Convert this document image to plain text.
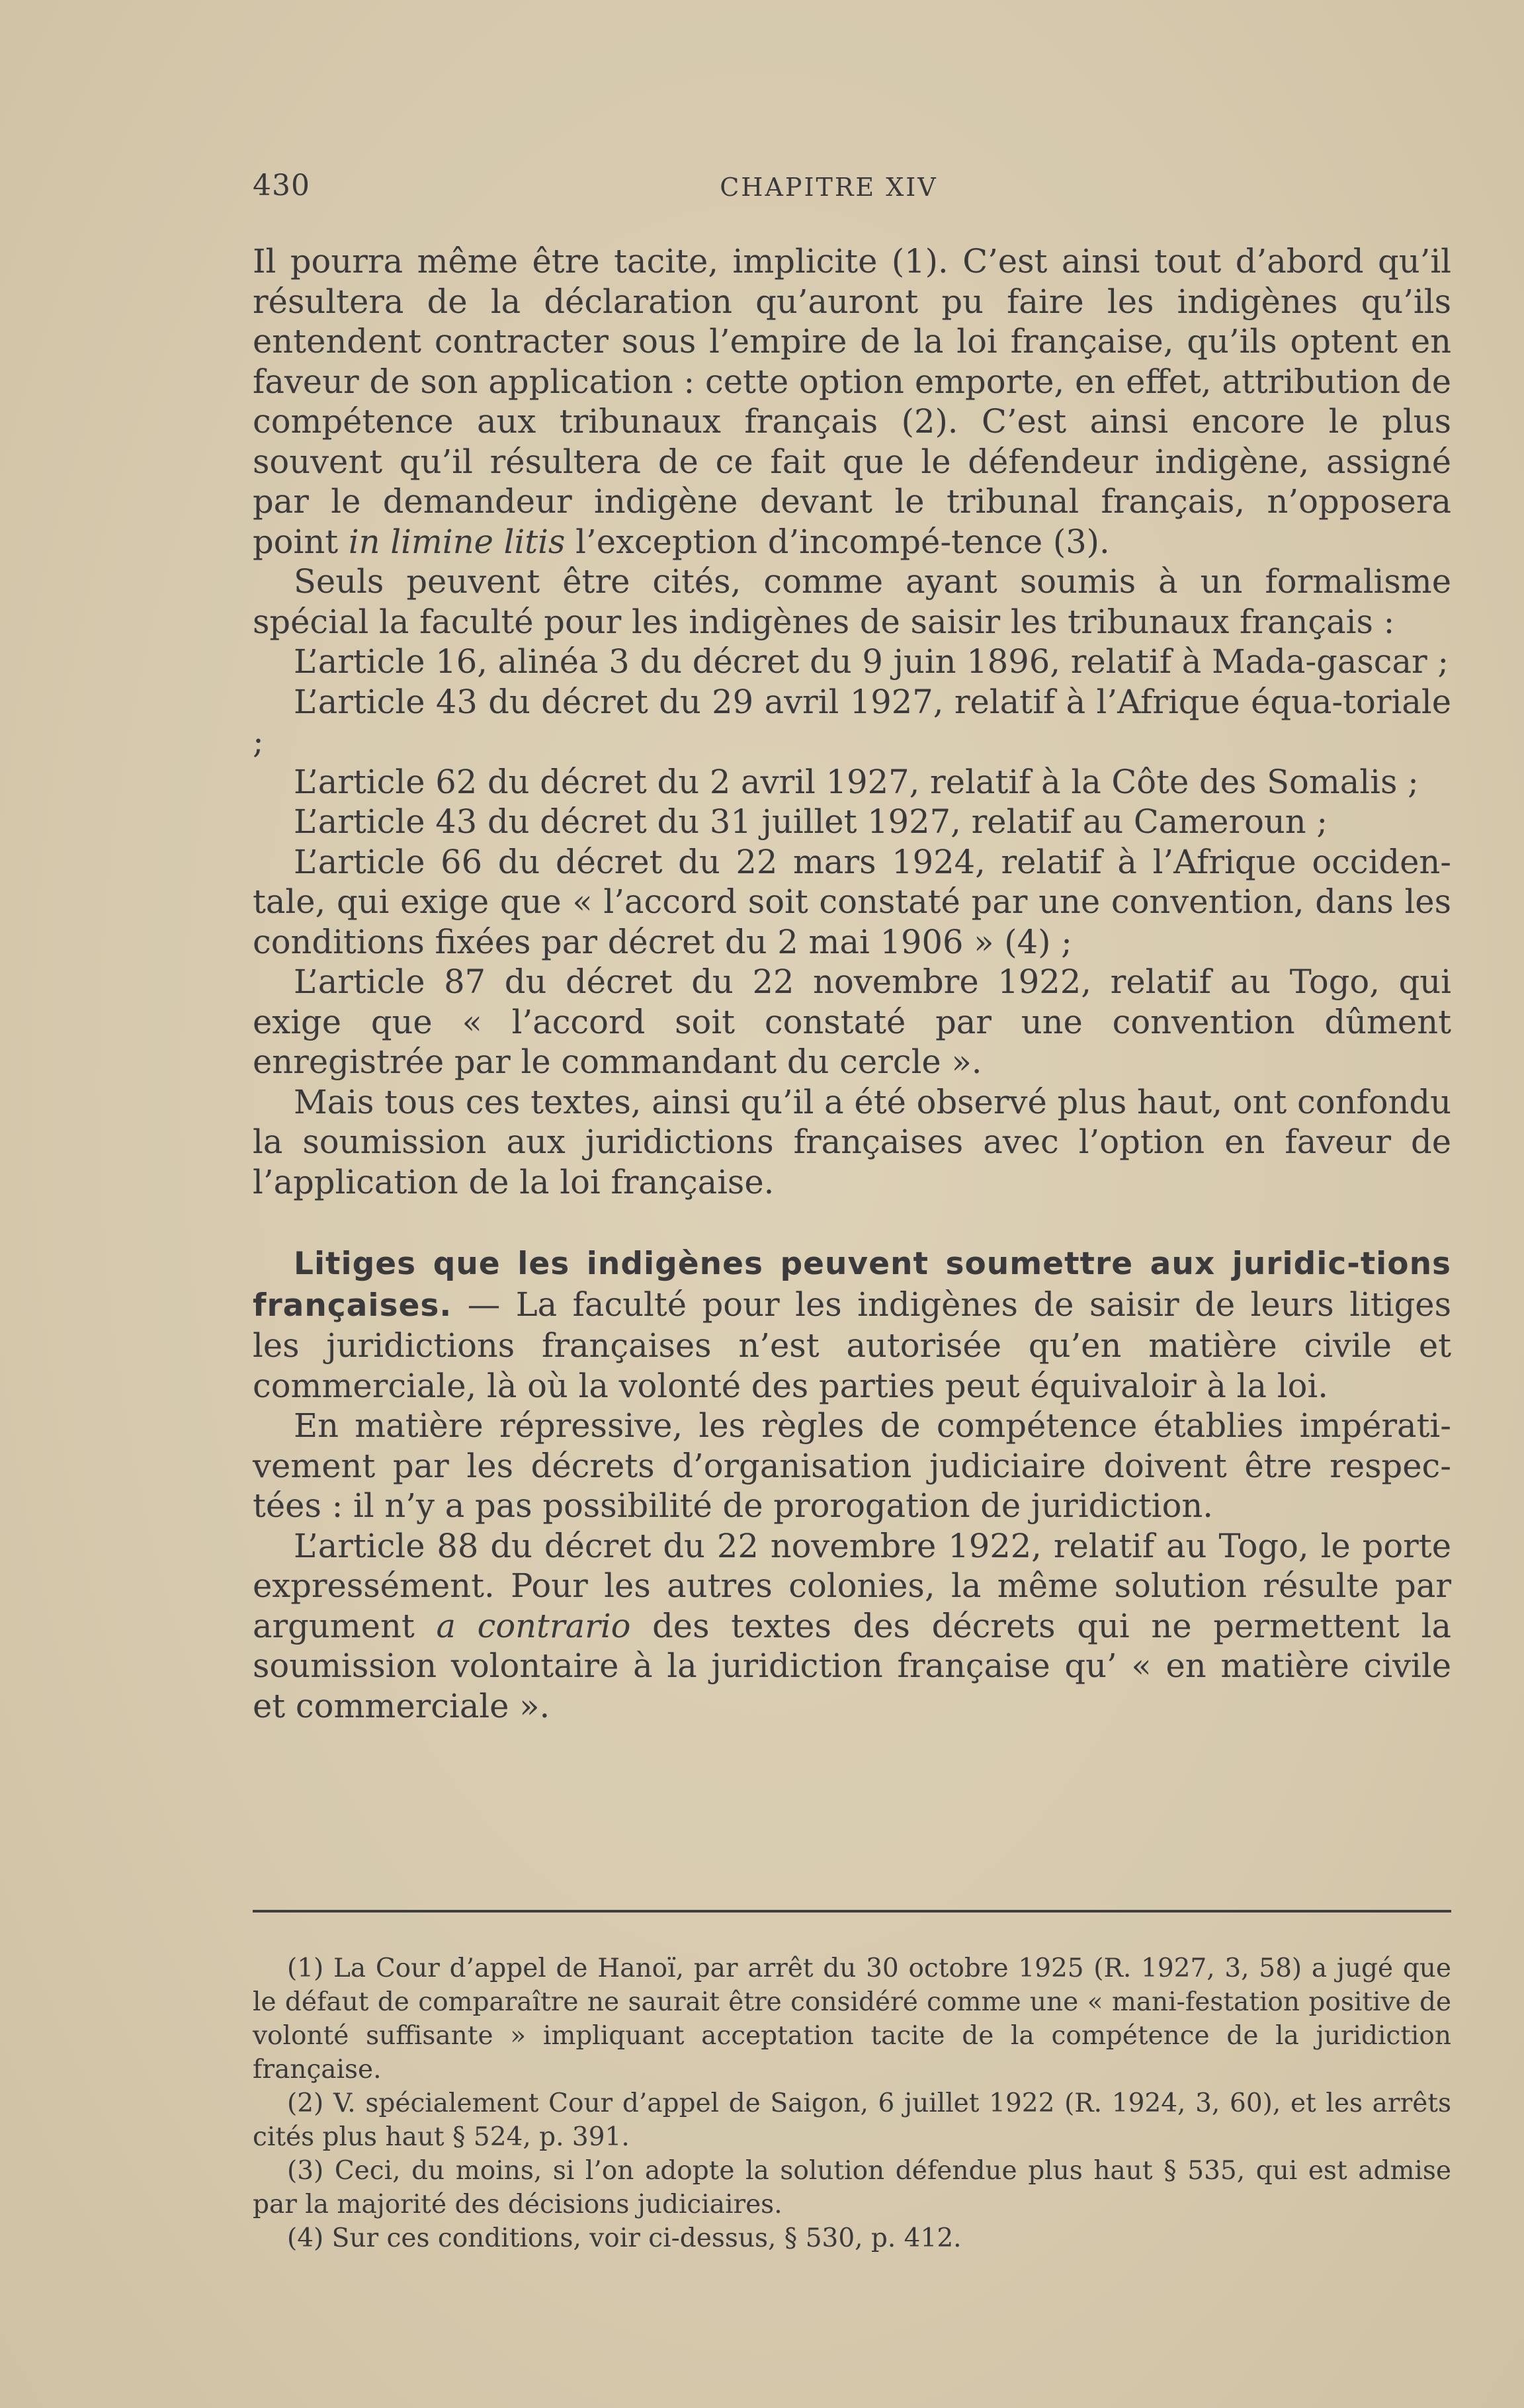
430	CHAPITRE XIV

Il pourra même être tacite, implicite (1). C’est ainsi tout d’abord qu’il résultera de la déclaration qu’auront pu faire les indigènes qu’ils entendent contracter sous l’empire de la loi française, qu’ils optent en faveur de son application : cette option emporte, en effet, attribution de compétence aux tribunaux français (2). C’est ainsi encore le plus souvent qu’il résultera de ce fait que le défendeur indigène, assigné par le demandeur indigène devant le tribunal français, n’opposera point in limine litis l’exception d’incompé-tence (3).

Seuls peuvent être cités, comme ayant soumis à un formalisme spécial la faculté pour les indigènes de saisir les tribunaux français :

L’article 16, alinéa 3 du décret du 9 juin 1896, relatif à Mada-gascar ;

L’article 43 du décret du 29 avril 1927, relatif à l’Afrique équa-toriale ;

L’article 62 du décret du 2 avril 1927, relatif à la Côte des Somalis ;

L’article 43 du décret du 31 juillet 1927, relatif au Cameroun ;

L’article 66 du décret du 22 mars 1924, relatif à l’Afrique occiden-tale, qui exige que « l’accord soit constaté par une convention, dans les conditions fixées par décret du 2 mai 1906 » (4) ;

L’article 87 du décret du 22 novembre 1922, relatif au Togo, qui exige que « l’accord soit constaté par une convention dûment enregistrée par le commandant du cercle ».

Mais tous ces textes, ainsi qu’il a été observé plus haut, ont confondu la soumission aux juridictions françaises avec l’option en faveur de l’application de la loi française.

Litiges que les indigènes peuvent soumettre aux juridic-tions françaises. — La faculté pour les indigènes de saisir de leurs litiges les juridictions françaises n’est autorisée qu’en matière civile et commerciale, là où la volonté des parties peut équivaloir à la loi.

En matière répressive, les règles de compétence établies impérati-vement par les décrets d’organisation judiciaire doivent être respec-tées : il n’y a pas possibilité de prorogation de juridiction.

L’article 88 du décret du 22 novembre 1922, relatif au Togo, le porte expressément. Pour les autres colonies, la même solution résulte par argument a contrario des textes des décrets qui ne permettent la soumission volontaire à la juridiction française qu’ « en matière civile et commerciale ».

(1) La Cour d’appel de Hanoï, par arrêt du 30 octobre 1925 (R. 1927, 3, 58) a jugé que le défaut de comparaître ne saurait être considéré comme une « mani-festation positive de volonté suffisante » impliquant acceptation tacite de la compétence de la juridiction française.

(2) V. spécialement Cour d’appel de Saigon, 6 juillet 1922 (R. 1924, 3, 60), et les arrêts cités plus haut § 524, p. 391.

(3) Ceci, du moins, si l’on adopte la solution défendue plus haut § 535, qui est admise par la majorité des décisions judiciaires.

(4) Sur ces conditions, voir ci-dessus, § 530, p. 412.
